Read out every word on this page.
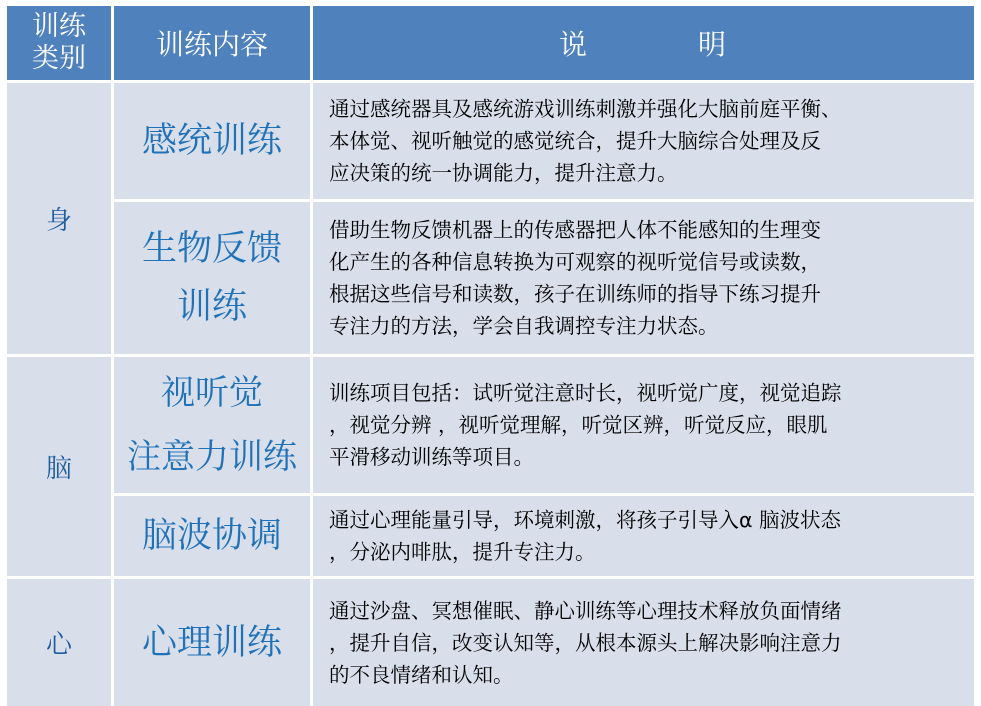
训练
类别 训练内容	说          明
身
感统训练
通过感统器具及感统游戏训练刺激并强化大脑前庭平衡、
本体觉、视听触觉的感觉统合，提升大脑综合处理及反
应决策的统一协调能力，提升注意力。
生物反馈
训练
借助生物反馈机器上的传感器把人体不能感知的生理变
化产生的各种信息转换为可观察的视听觉信号或读数，
根据这些信号和读数，孩子在训练师的指导下练习提升
专注力的方法，学会自我调控专注力状态。
脑
视听觉
注意力训练
训练项目包括：试听觉注意时长，视听觉广度，视觉追踪
，视觉分辨 ，视听觉理解，听觉区辨，听觉反应，眼肌
平滑移动训练等项目。
脑波协调 通过心理能量引导，环境刺激，将孩子引导入α 脑波状态
，分泌内啡肽，提升专注力。
心 心理训练
通过沙盘、冥想催眠、静心训练等心理技术释放负面情绪
，提升自信，改变认知等，从根本源头上解决影响注意力
的不良情绪和认知。
